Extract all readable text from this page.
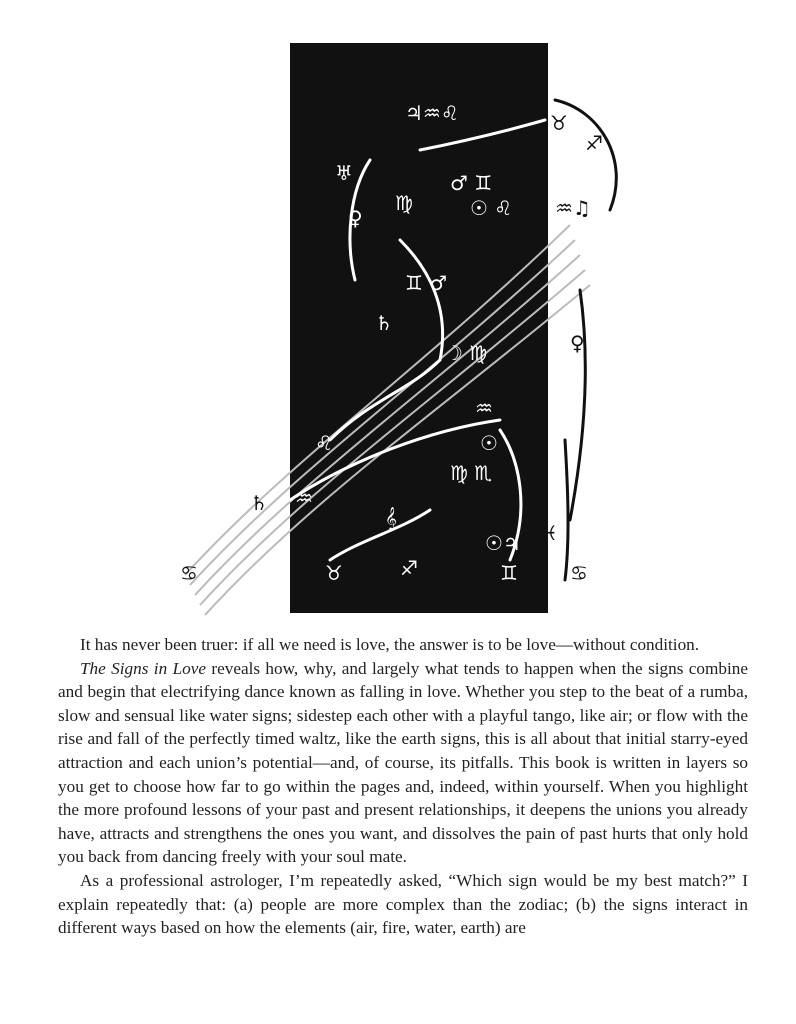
♃♒♌
♅
♀
♍
♂ ♊
☉ ♌
♊ ♂
♄
☽ ♍
♒
☉
♍ ♏
♌
♒
𝄞
♉	♐
☉♃
♊
♉
♐
♒♫
♀
♓
♋
♄
♋

It has never been truer: if all we need is love, the answer is to be love—without condition.

The Signs in Love reveals how, why, and largely what tends to happen when the signs combine and begin that electrifying dance known as falling in love. Whether you step to the beat of a rumba, slow and sensual like water signs; sidestep each other with a playful tango, like air; or flow with the rise and fall of the perfectly timed waltz, like the earth signs, this is all about that initial starry-eyed attraction and each union’s potential—and, of course, its pitfalls. This book is written in layers so you get to choose how far to go within the pages and, indeed, within yourself. When you highlight the more profound lessons of your past and present relationships, it deepens the unions you already have, attracts and strengthens the ones you want, and dissolves the pain of past hurts that only hold you back from dancing freely with your soul mate.

As a professional astrologer, I’m repeatedly asked, “Which sign would be my best match?” I explain repeatedly that: (a) people are more complex than the zodiac; (b) the signs interact in different ways based on how the elements (air, fire, water, earth) are
